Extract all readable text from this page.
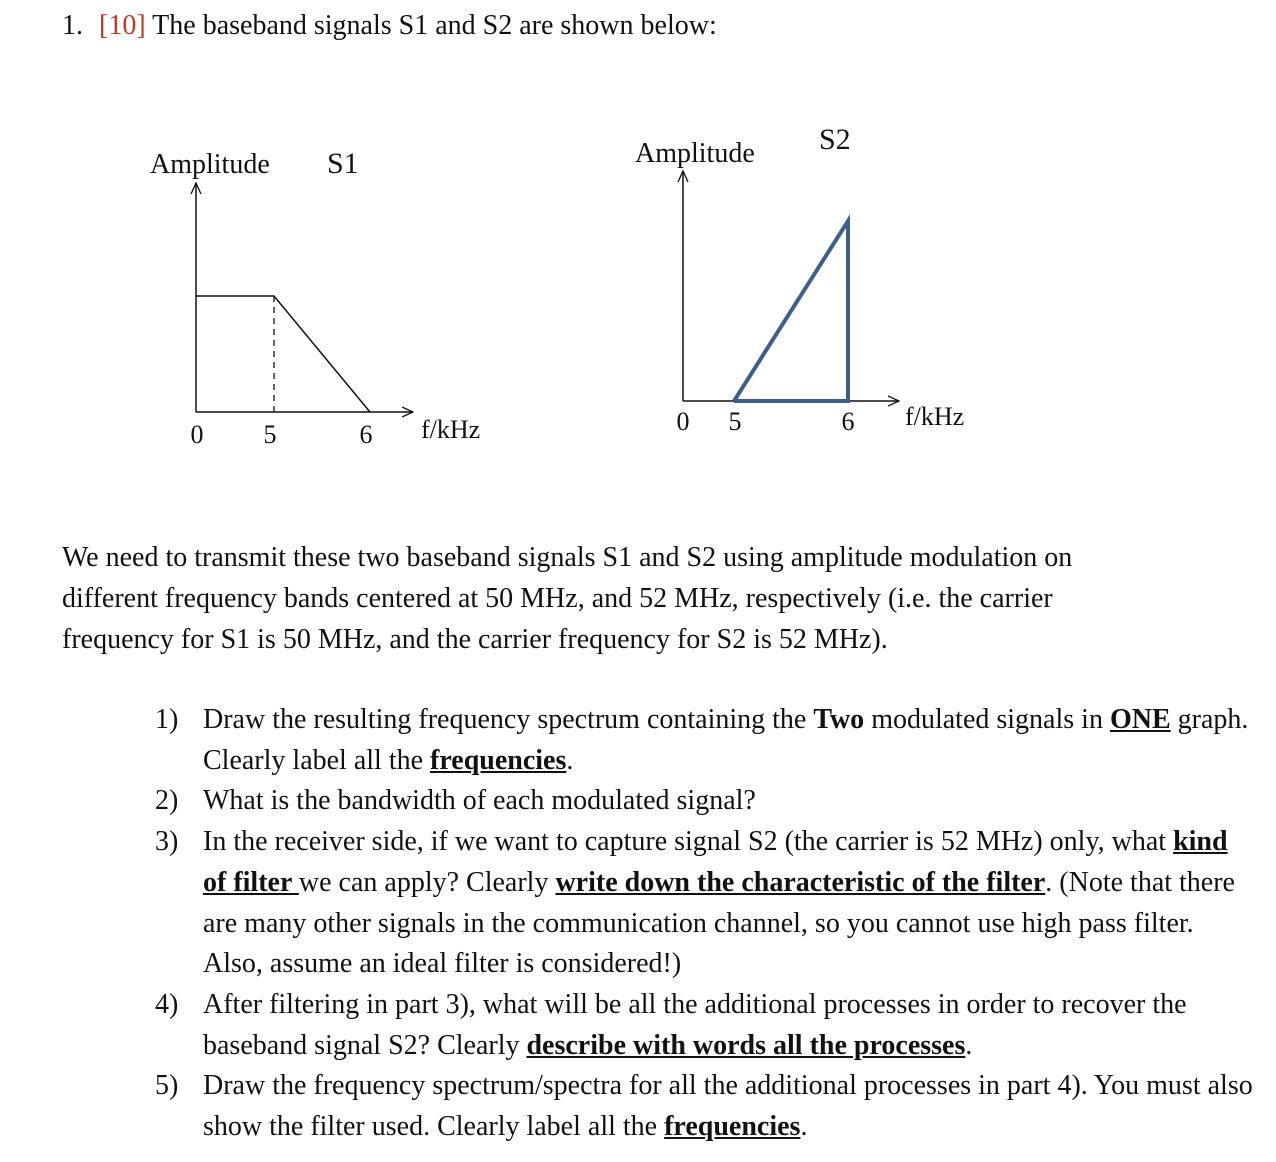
1. [10] The baseband signals S1 and S2 are shown below:
Amplitude S1
0 5	6 f/kHz
Amplitude S2
0 5	6 f/kHz
We need to transmit these two baseband signals S1 and S2 using amplitude modulation on
different frequency bands centered at 50 MHz, and 52 MHz, respectively (i.e. the carrier
frequency for S1 is 50 MHz, and the carrier frequency for S2 is 52 MHz).
1) Draw the resulting frequency spectrum containing the Two modulated signals in ONE graph. Clearly label all the frequencies.
2) What is the bandwidth of each modulated signal?
3) In the receiver side, if we want to capture signal S2 (the carrier is 52 MHz) only, what kind of filter we can apply? Clearly write down the characteristic of the filter. (Note that there are many other signals in the communication channel, so you cannot use high pass filter. Also, assume an ideal filter is considered!)
4) After filtering in part 3), what will be all the additional processes in order to recover the baseband signal S2? Clearly describe with words all the processes.
5) Draw the frequency spectrum/spectra for all the additional processes in part 4). You must also show the filter used. Clearly label all the frequencies.
